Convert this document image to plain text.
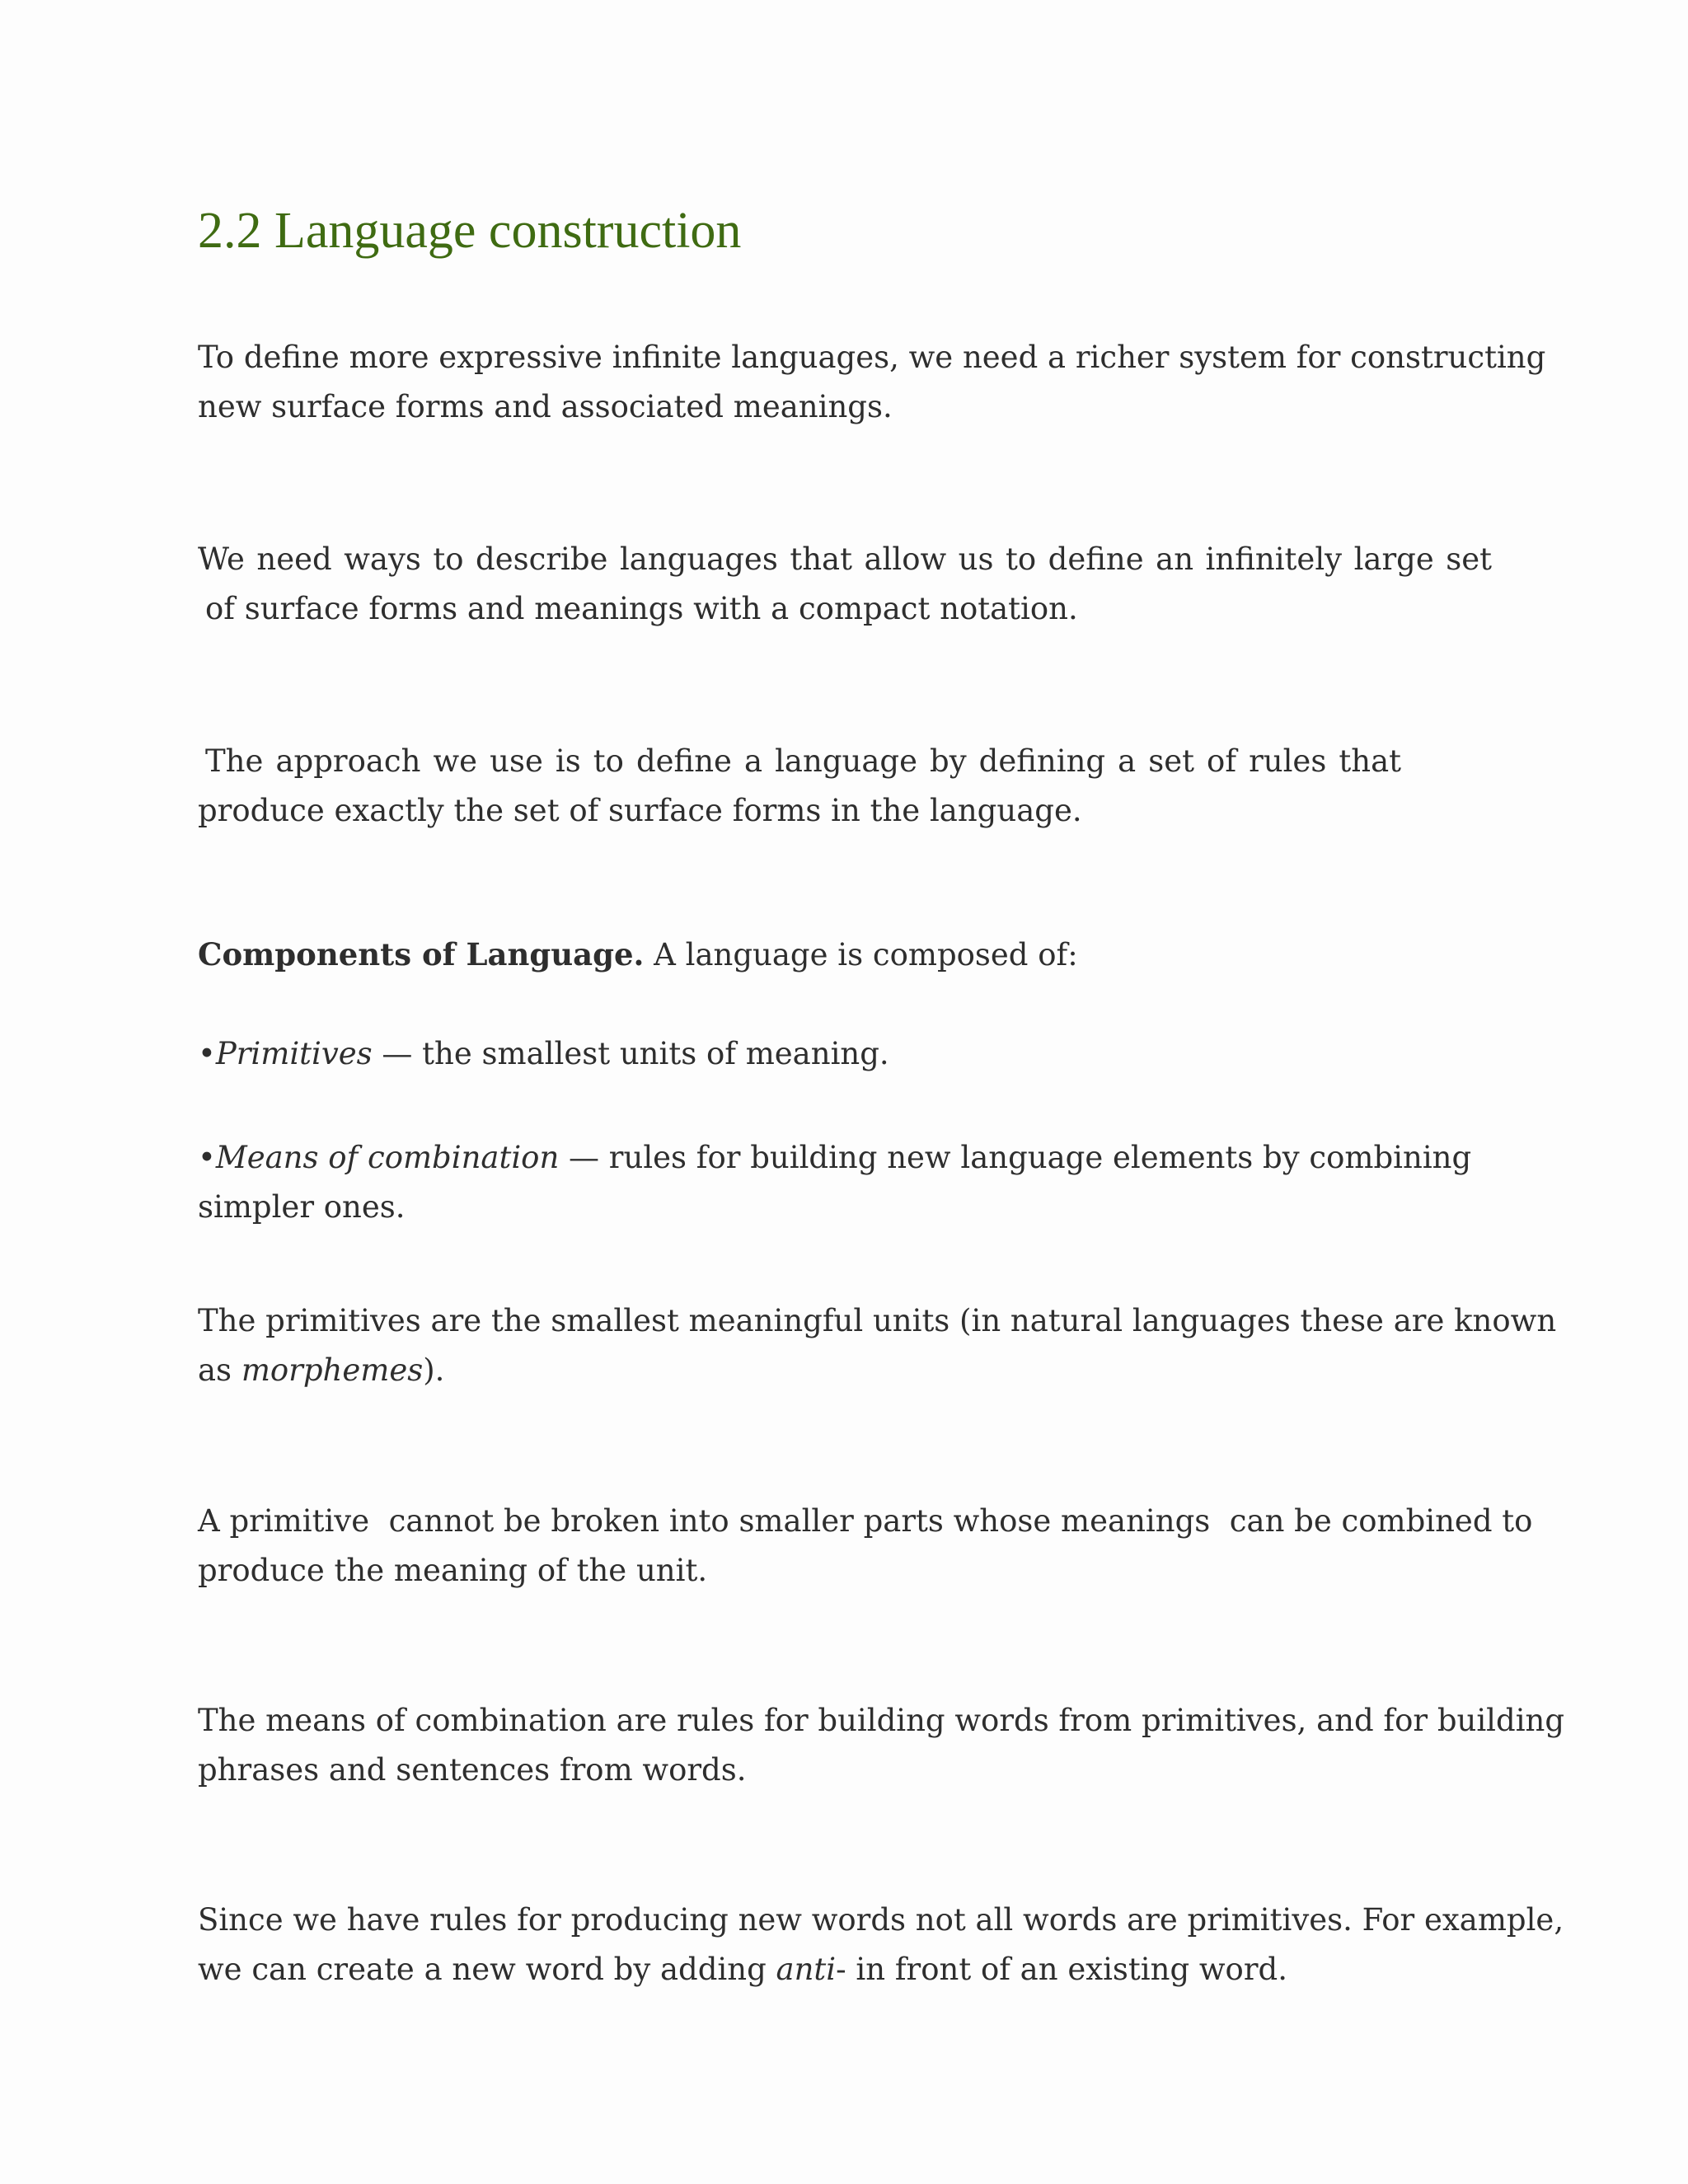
2.2 Language construction

To define more expressive infinite languages, we need a richer system for constructing
new surface forms and associated meanings.

We need ways to describe languages that allow us to define an infinitely large set
of surface forms and meanings with a compact notation.

The approach we use is to define a language by defining a set of rules that
produce exactly the set of surface forms in the language.

Components of Language. A language is composed of:

•Primitives — the smallest units of meaning.

•Means of combination — rules for building new language elements by combining
simpler ones.

The primitives are the smallest meaningful units (in natural languages these are known
as morphemes).

A primitive  cannot be broken into smaller parts whose meanings  can be combined to
produce the meaning of the unit.

The means of combination are rules for building words from primitives, and for building
phrases and sentences from words.

Since we have rules for producing new words not all words are primitives. For example,
we can create a new word by adding anti- in front of an existing word.
